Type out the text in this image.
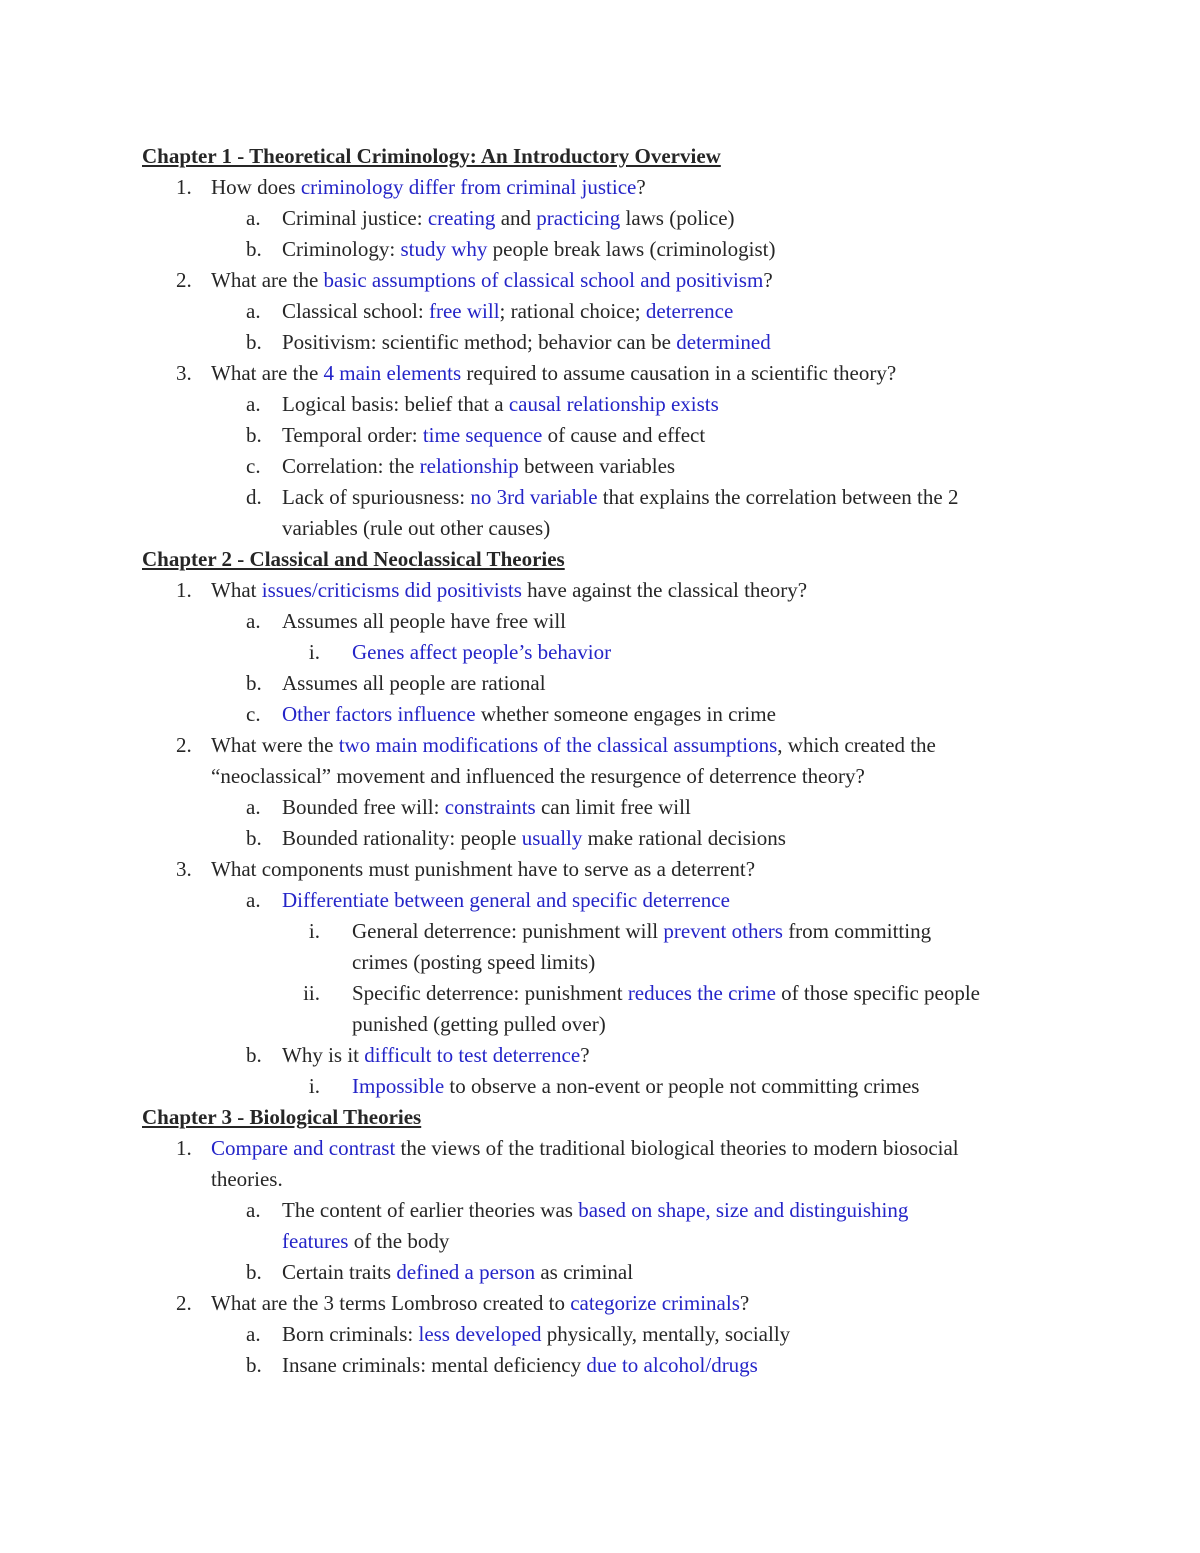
Chapter 1 - Theoretical Criminology: An Introductory Overview
How does criminology differ from criminal justice?
1.
Criminal justice: creating and practicing laws (police)
a.
Criminology: study why people break laws (criminologist)
b.
What are the basic assumptions of classical school and positivism?
2.
Classical school: free will; rational choice; deterrence
a.
Positivism: scientific method; behavior can be determined
b.
What are the 4 main elements required to assume causation in a scientific theory?
3.
Logical basis: belief that a causal relationship exists
a.
Temporal order: time sequence of cause and effect
b.
Correlation: the relationship between variables
c.
Lack of spuriousness: no 3rd variable that explains the correlation between the 2
d.
variables (rule out other causes)
Chapter 2 - Classical and Neoclassical Theories
What issues/criticisms did positivists have against the classical theory?
1.
Assumes all people have free will
a.
Genes affect people’s behavior
i.
Assumes all people are rational
b.
Other factors influence whether someone engages in crime
c.
What were the two main modifications of the classical assumptions, which created the
2.
“neoclassical” movement and influenced the resurgence of deterrence theory?
Bounded free will: constraints can limit free will
a.
Bounded rationality: people usually make rational decisions
b.
What components must punishment have to serve as a deterrent?
3.
Differentiate between general and specific deterrence
a.
General deterrence: punishment will prevent others from committing
i.
crimes (posting speed limits)
Specific deterrence: punishment reduces the crime of those specific people
ii.
punished (getting pulled over)
Why is it difficult to test deterrence?
b.
Impossible to observe a non-event or people not committing crimes
i.
Chapter 3 - Biological Theories
Compare and contrast the views of the traditional biological theories to modern biosocial
1.
theories.
The content of earlier theories was based on shape, size and distinguishing
a.
features of the body
Certain traits defined a person as criminal
b.
What are the 3 terms Lombroso created to categorize criminals?
2.
Born criminals: less developed physically, mentally, socially
a.
Insane criminals: mental deficiency due to alcohol/drugs
b.
